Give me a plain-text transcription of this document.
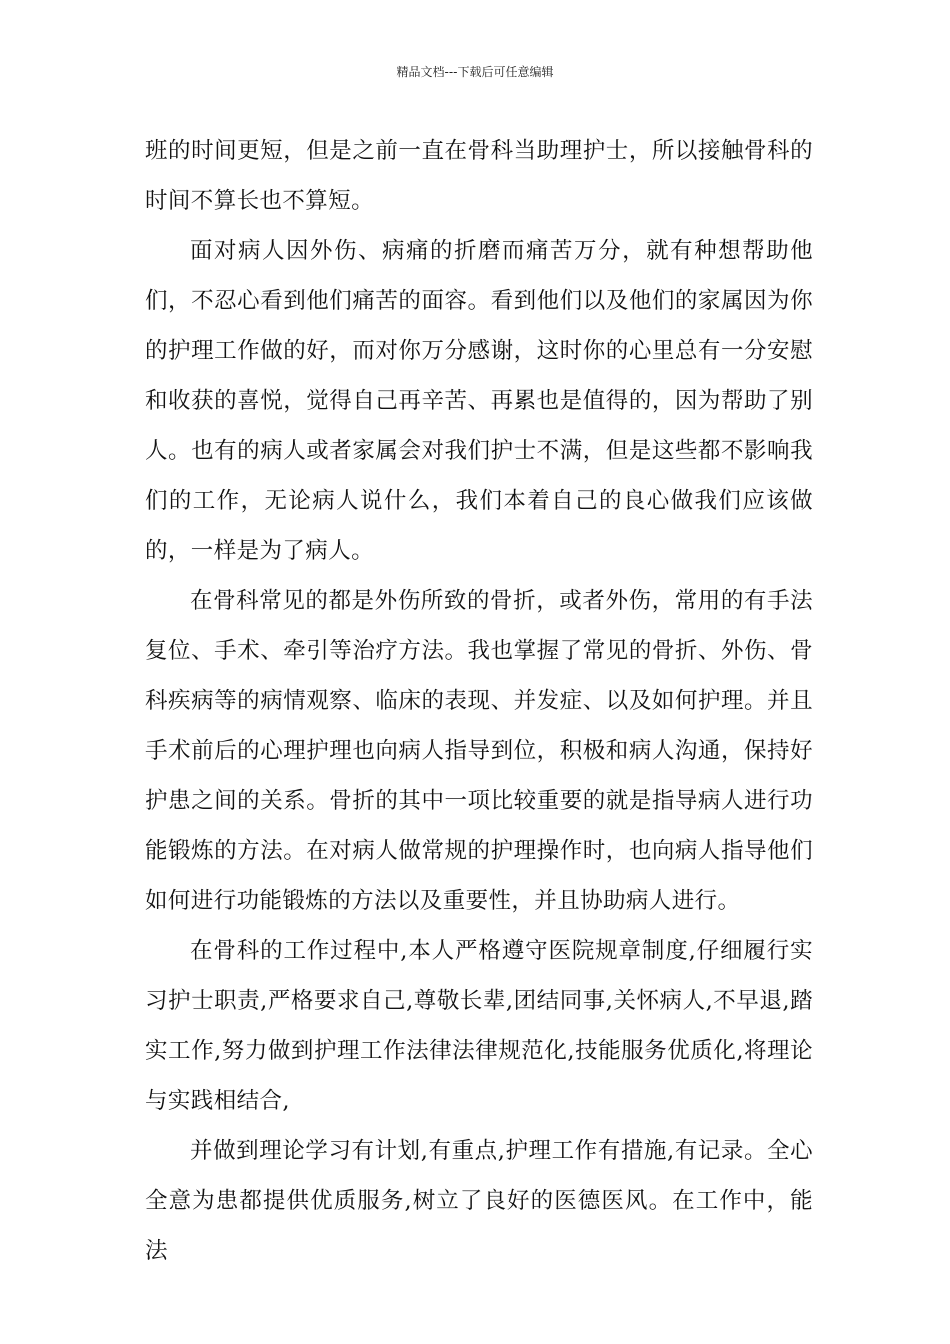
精品文档---下载后可任意编辑

班的时间更短，但是之前一直在骨科当助理护士，所以接触骨科的时间不算长也不算短。

面对病人因外伤、病痛的折磨而痛苦万分，就有种想帮助他们，不忍心看到他们痛苦的面容。看到他们以及他们的家属因为你的护理工作做的好，而对你万分感谢，这时你的心里总有一分安慰和收获的喜悦，觉得自己再辛苦、再累也是值得的，因为帮助了别人。也有的病人或者家属会对我们护士不满，但是这些都不影响我们的工作，无论病人说什么，我们本着自己的良心做我们应该做的，一样是为了病人。

在骨科常见的都是外伤所致的骨折，或者外伤，常用的有手法复位、手术、牵引等治疗方法。我也掌握了常见的骨折、外伤、骨科疾病等的病情观察、临床的表现、并发症、以及如何护理。并且手术前后的心理护理也向病人指导到位，积极和病人沟通，保持好护患之间的关系。骨折的其中一项比较重要的就是指导病人进行功能锻炼的方法。在对病人做常规的护理操作时，也向病人指导他们如何进行功能锻炼的方法以及重要性，并且协助病人进行。

在骨科的工作过程中,本人严格遵守医院规章制度,仔细履行实习护士职责,严格要求自己,尊敬长辈,团结同事,关怀病人,不早退,踏实工作,努力做到护理工作法律法律规范化,技能服务优质化,将理论与实践相结合,

并做到理论学习有计划,有重点,护理工作有措施,有记录。全心全意为患都提供优质服务,树立了良好的医德医风。在工作中，能法
